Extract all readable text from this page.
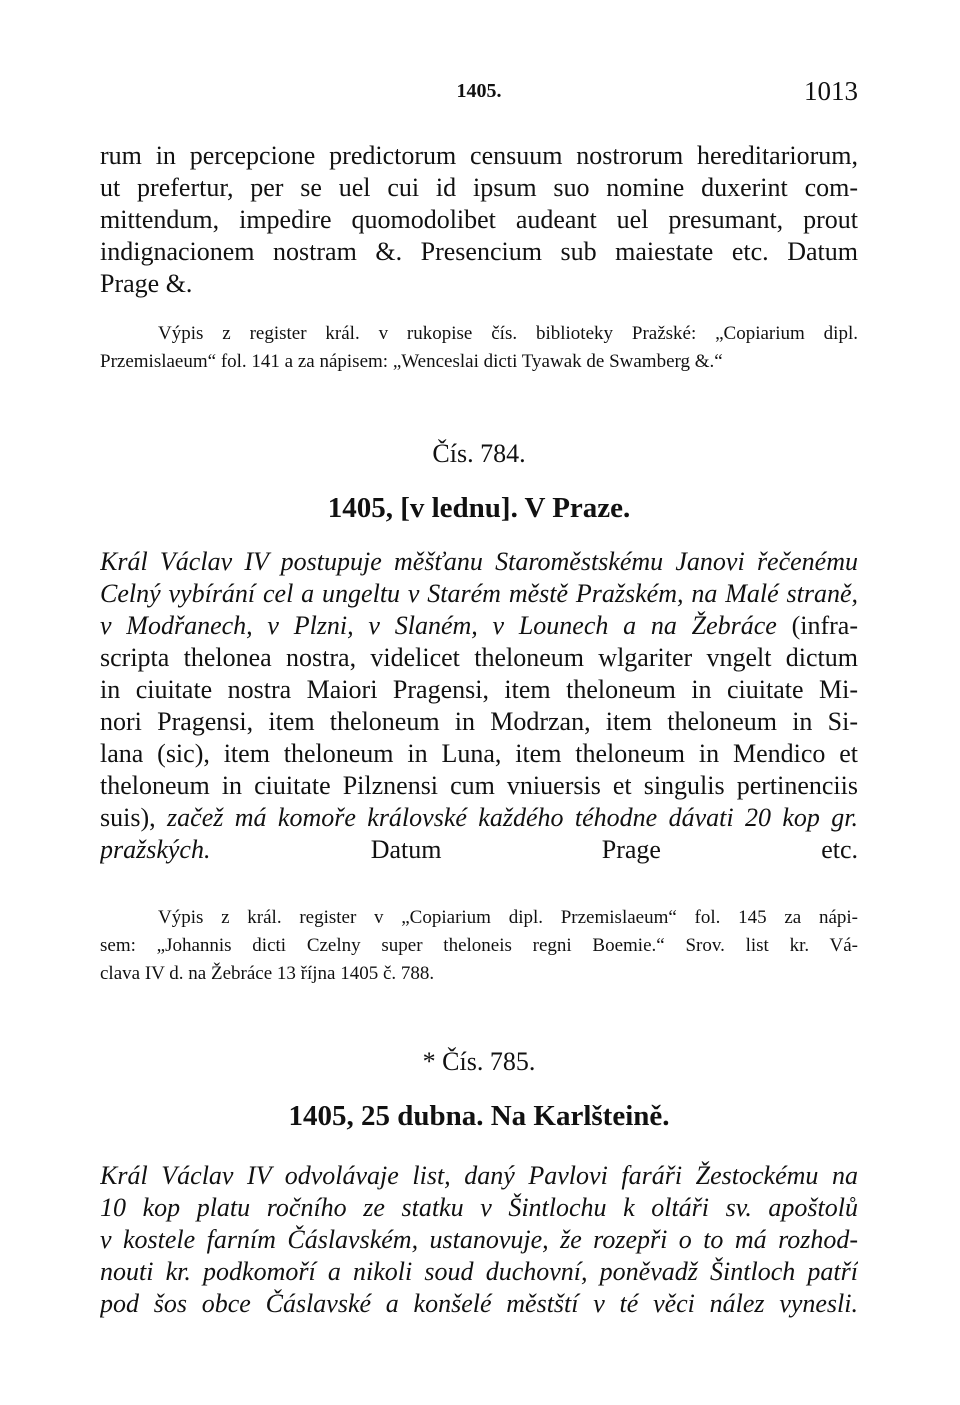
1405.	1013
rum in percepcione predictorum censuum nostrorum hereditariorum,
ut prefertur, per se uel cui id ipsum suo nomine duxerint com-
mittendum, impedire quomodolibet audeant uel presumant, prout
indignacionem nostram &. Presencium sub maiestate etc. Datum
Prage &.
Výpis z register král. v rukopise čís. biblioteky Pražské: „Copiarium dipl.
Przemislaeum“ fol. 141 a za nápisem: „Wenceslai dicti Tyawak de Swamberg &.“
Čís. 784.
1405, [v lednu]. V Praze.
Král Václav IV postupuje měšťanu Staroměstskému Janovi řečenému
Celný vybírání cel a ungeltu v Starém městě Pražském, na Malé straně,
v Modřanech, v Plzni, v Slaném, v Lounech a na Žebráce (infra-
scripta thelonea nostra, videlicet theloneum wlgariter vngelt dictum
in ciuitate nostra Maiori Pragensi, item theloneum in ciuitate Mi-
nori Pragensi, item theloneum in Modrzan, item theloneum in Si-
lana (sic), item theloneum in Luna, item theloneum in Mendico et
theloneum in ciuitate Pilznensi cum vniuersis et singulis pertinenciis
suis), začež má komoře královské každého téhodne dávati 20 kop gr.
pražských.	Datum Prage etc.
Výpis z král. register v „Copiarium dipl. Przemislaeum“ fol. 145 za nápi-
sem: „Johannis dicti Czelny super theloneis regni Boemie.“ Srov. list kr. Vá-
clava IV d. na Žebráce 13 října 1405 č. 788.
* Čís. 785.
1405, 25 dubna. Na Karlšteině.
Král Václav IV odvolávaje list, daný Pavlovi faráři Žestockému na
10 kop platu ročního ze statku v Šintlochu k oltáři sv. apoštolů
v kostele farním Čáslavském, ustanovuje, že rozepři o to má rozhod-
nouti kr. podkomoří a nikoli soud duchovní, poněvadž Šintloch patří
pod šos obce Čáslavské a konšelé městští v té věci nález vynesli.
